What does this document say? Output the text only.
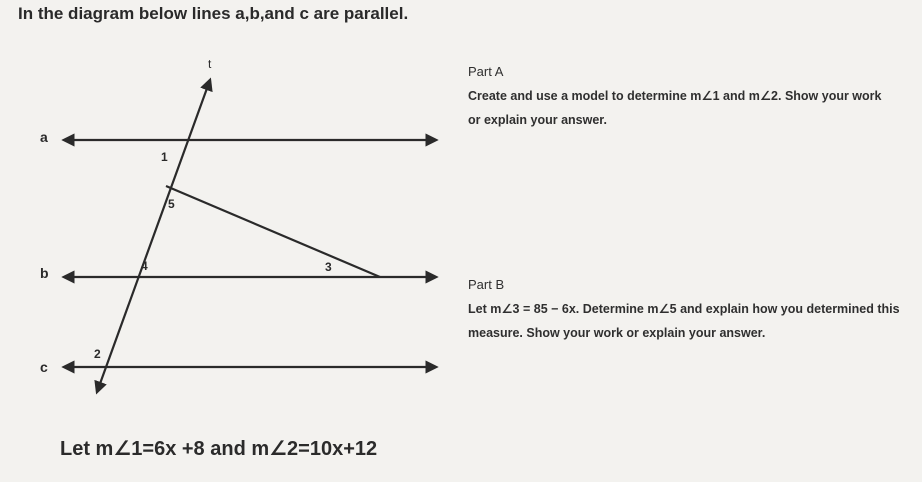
In the diagram below lines a,b,and c are parallel.
a
b
c
t
1
5
4	3
2

Part A

Create and use a model to determine m∠1 and m∠2. Show your work

or explain your answer.

Part B

Let m∠3 = 85 − 6x. Determine m∠5 and explain how you determined this

measure. Show your work or explain your answer.

Let m∠1=6x +8 and m∠2=10x+12
